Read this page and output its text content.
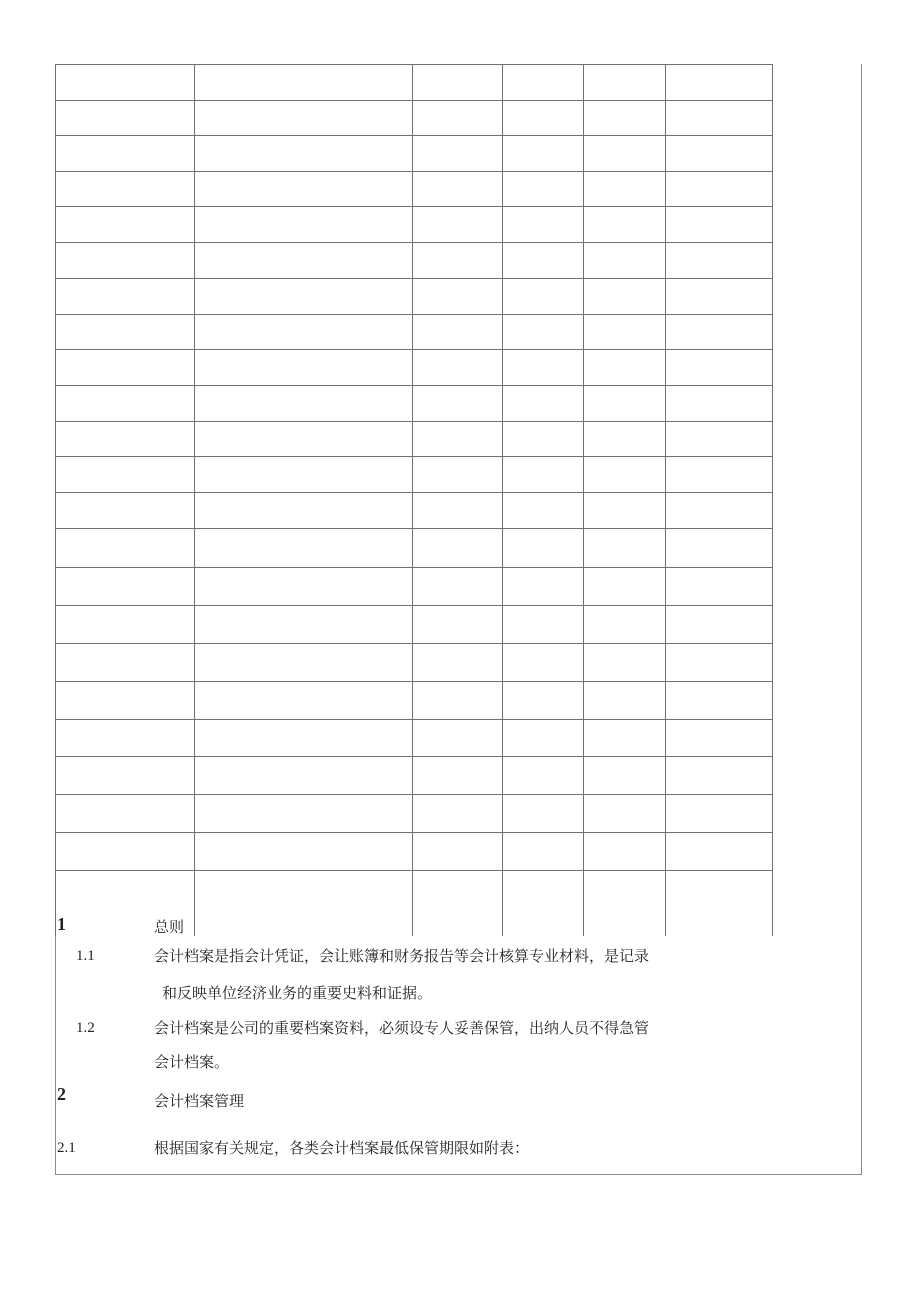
1	总则
1.1	会计档案是指会计凭证，会让账簿和财务报告等会计核算专业材料，是记录
和反映单位经济业务的重要史料和证据。
1.2	会计档案是公司的重要档案资料，必须设专人妥善保管，出纳人员不得急管
会计档案。
2	会计档案管理
2.1	根据国家有关规定，各类会计档案最低保管期限如附表：
